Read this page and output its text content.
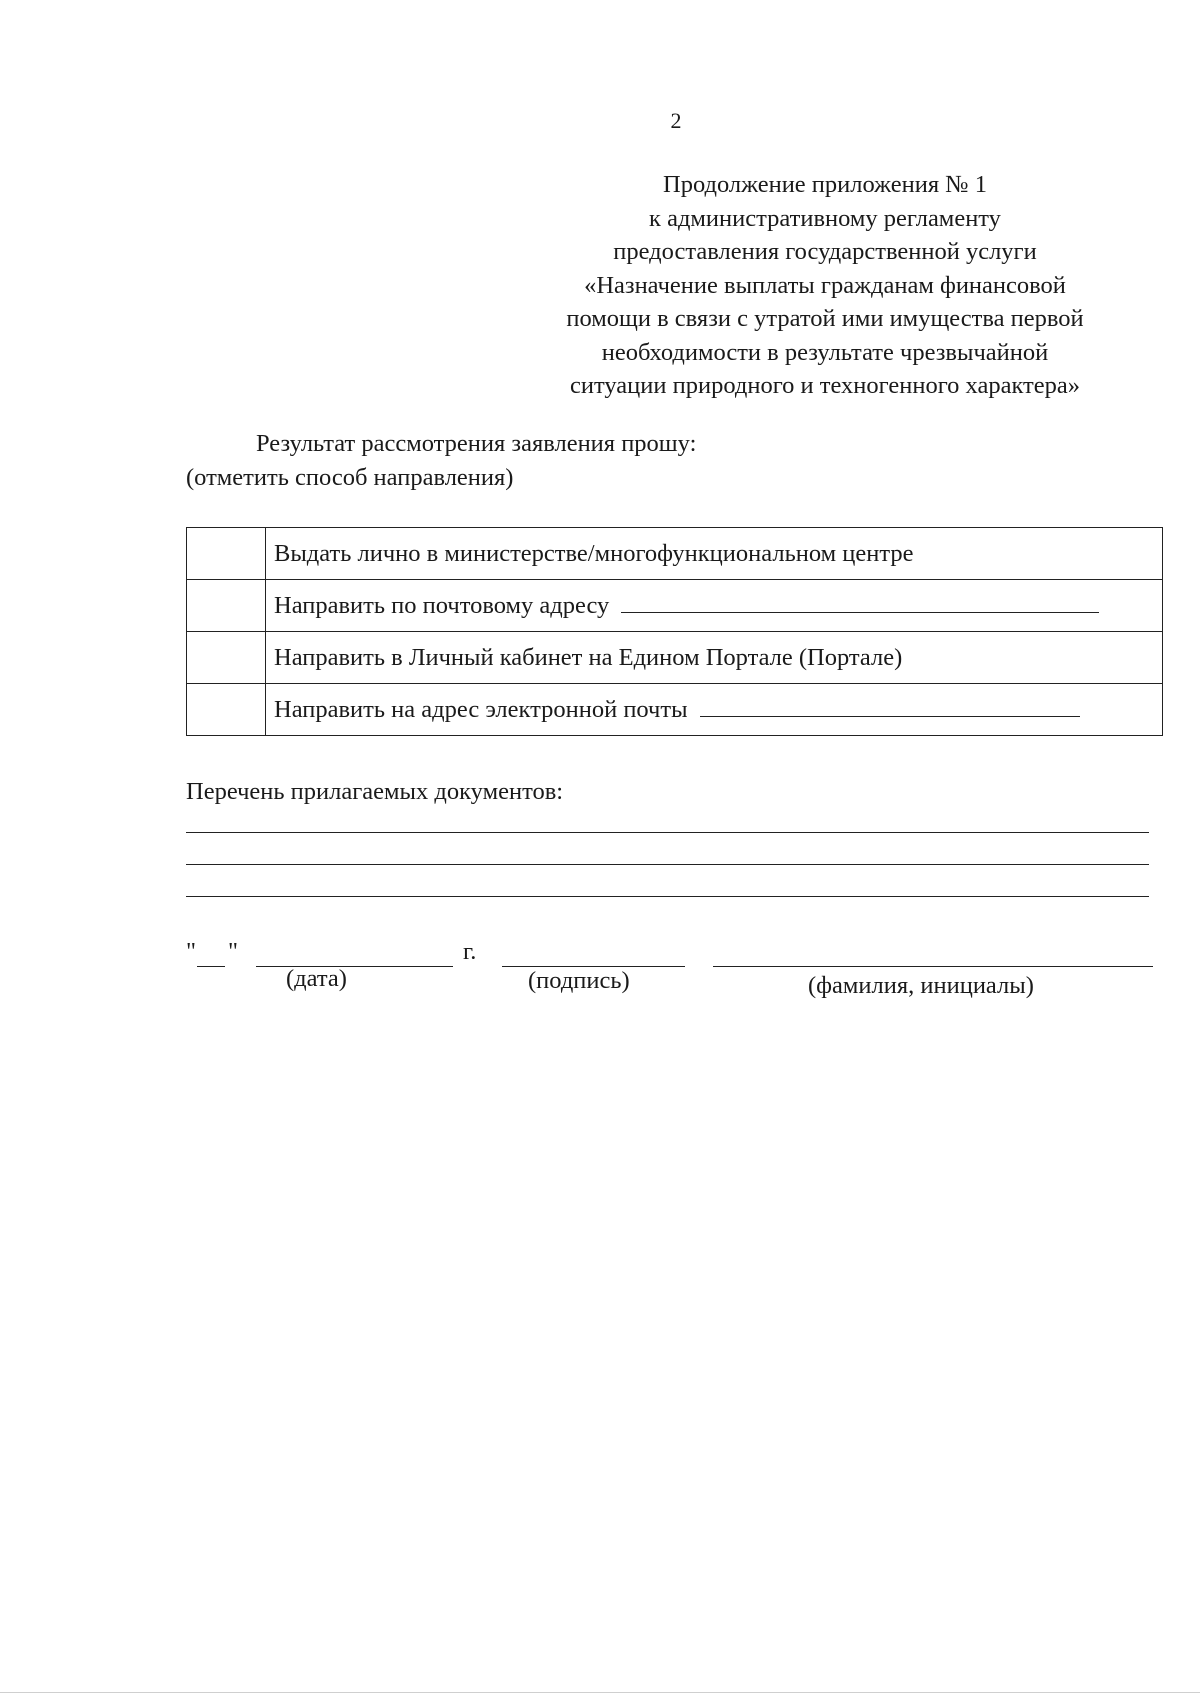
2
Продолжение приложения № 1
к административному регламенту
предоставления государственной услуги
«Назначение выплаты гражданам финансовой
помощи в связи с утратой ими имущества первой
необходимости в результате чрезвычайной
ситуации природного и техногенного характера»
Результат рассмотрения заявления прошу:
(отметить способ направления)
	Выдать лично в министерстве/многофункциональном центре
	Направить по почтовому адресу
	Направить в Личный кабинет на Едином Портале (Портале)
	Направить на адрес электронной почты
Перечень прилагаемых документов:
" "	г.
(дата)	(подпись)	(фамилия, инициалы)
